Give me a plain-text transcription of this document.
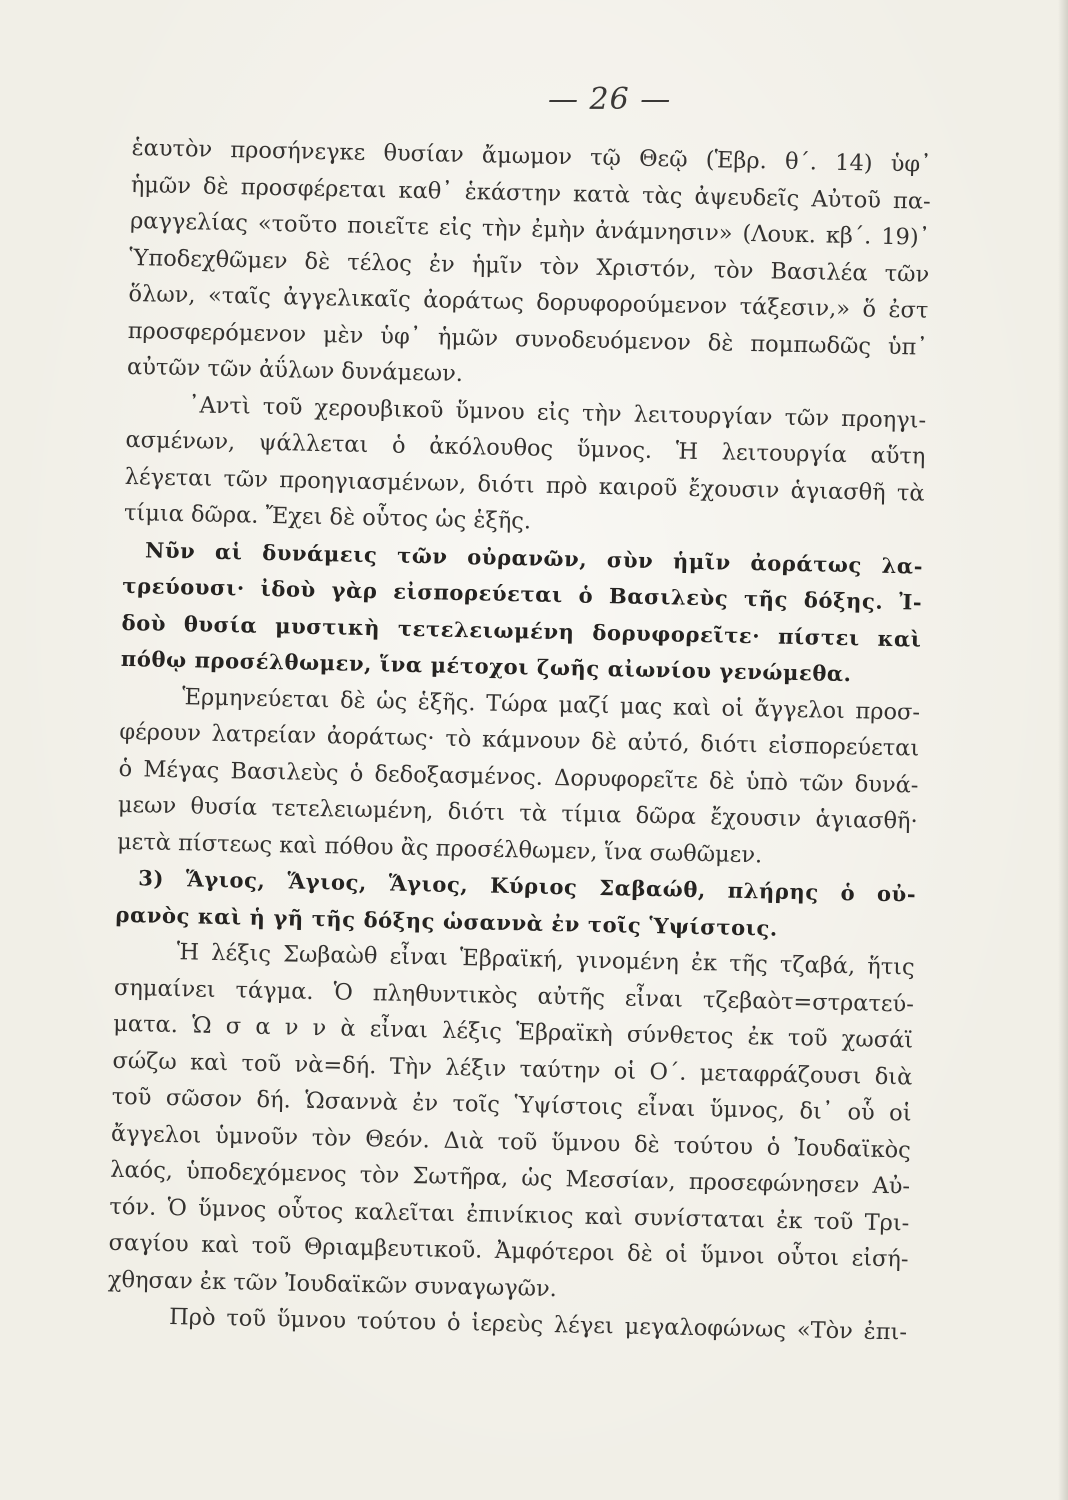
— 26 —
ἑαυτὸν προσήνεγκε θυσίαν ἄμωμον τῷ Θεῷ (Ἑβρ. θ΄. 14) ὑφ᾽
ἡμῶν δὲ προσφέρεται καθ᾽ ἑκάστην κατὰ τὰς ἀψευδεῖς Αὐτοῦ πα-
ραγγελίας «τοῦτο ποιεῖτε εἰς τὴν ἐμὴν ἀνάμνησιν» (Λουκ. κβ΄. 19)᾽
Ὑποδεχθῶμεν δὲ τέλος ἐν ἡμῖν τὸν Χριστόν, τὸν Βασιλέα τῶν
ὅλων, «ταῖς ἀγγελικαῖς ἀοράτως δορυφορούμενον τάξεσιν,» ὅ ἐστ
προσφερόμενον μὲν ὑφ᾽ ἡμῶν συνοδευόμενον δὲ πομπωδῶς ὑπ᾽
αὐτῶν τῶν ἀΰλων δυνάμεων.
᾽Αντὶ τοῦ χερουβικοῦ ὕμνου εἰς τὴν λειτουργίαν τῶν προηγι-
ασμένων, ψάλλεται ὁ ἀκόλουθος ὕμνος. Ἡ λειτουργία αὕτη
λέγεται τῶν προηγιασμένων, διότι πρὸ καιροῦ ἔχουσιν ἁγιασθῆ τὰ
τίμια δῶρα. Ἔχει δὲ οὗτος ὡς ἑξῆς.
Νῦν αἱ δυνάμεις τῶν οὐρανῶν, σὺν ἡμῖν ἀοράτως λα-
τρεύουσι· ἰδοὺ γὰρ εἰσπορεύεται ὁ Βασιλεὺς τῆς δόξης. Ἰ-
δοὺ θυσία μυστικὴ τετελειωμένη δορυφορεῖτε· πίστει καὶ
πόθῳ προσέλθωμεν, ἵνα μέτοχοι ζωῆς αἰωνίου γενώμεθα.
Ἑρμηνεύεται δὲ ὡς ἑξῆς. Τώρα μαζί μας καὶ οἱ ἄγγελοι προσ-
φέρουν λατρείαν ἀοράτως· τὸ κάμνουν δὲ αὐτό, διότι εἰσπορεύεται
ὁ Μέγας Βασιλεὺς ὁ δεδοξασμένος. Δορυφορεῖτε δὲ ὑπὸ τῶν δυνά-
μεων θυσία τετελειωμένη, διότι τὰ τίμια δῶρα ἔχουσιν ἁγιασθῆ·
μετὰ πίστεως καὶ πόθου ἂς προσέλθωμεν, ἵνα σωθῶμεν.
3) Ἅγιος, Ἅγιος, Ἅγιος, Κύριος Σαβαώθ, πλήρης ὁ οὐ-
ρανὸς καὶ ἡ γῆ τῆς δόξης ὡσαννὰ ἐν τοῖς Ὑψίστοις.
Ἡ λέξις Σωβαὼθ εἶναι Ἑβραϊκή, γινομένη ἐκ τῆς τζαβά, ἥτις
σημαίνει τάγμα. Ὁ πληθυντικὸς αὐτῆς εἶναι τζεβαὸτ=στρατεύ-
ματα. Ὡ σ α ν ν ὰ εἶναι λέξις Ἑβραϊκὴ σύνθετος ἐκ τοῦ χωσάϊ
σώζω καὶ τοῦ νὰ=δή. Τὴν λέξιν ταύτην οἱ Ο΄. μεταφράζουσι διὰ
τοῦ σῶσον δή. Ὡσαννὰ ἐν τοῖς Ὑψίστοις εἶναι ὕμνος, δι᾽ οὗ οἱ
ἄγγελοι ὑμνοῦν τὸν Θεόν. Διὰ τοῦ ὕμνου δὲ τούτου ὁ Ἰουδαϊκὸς
λαός, ὑποδεχόμενος τὸν Σωτῆρα, ὡς Μεσσίαν, προσεφώνησεν Αὐ-
τόν. Ὁ ὕμνος οὗτος καλεῖται ἐπινίκιος καὶ συνίσταται ἐκ τοῦ Τρι-
σαγίου καὶ τοῦ Θριαμβευτικοῦ. Ἀμφότεροι δὲ οἱ ὕμνοι οὗτοι εἰσή-
χθησαν ἐκ τῶν Ἰουδαϊκῶν συναγωγῶν.
Πρὸ τοῦ ὕμνου τούτου ὁ ἱερεὺς λέγει μεγαλοφώνως «Τὸν ἐπι-
